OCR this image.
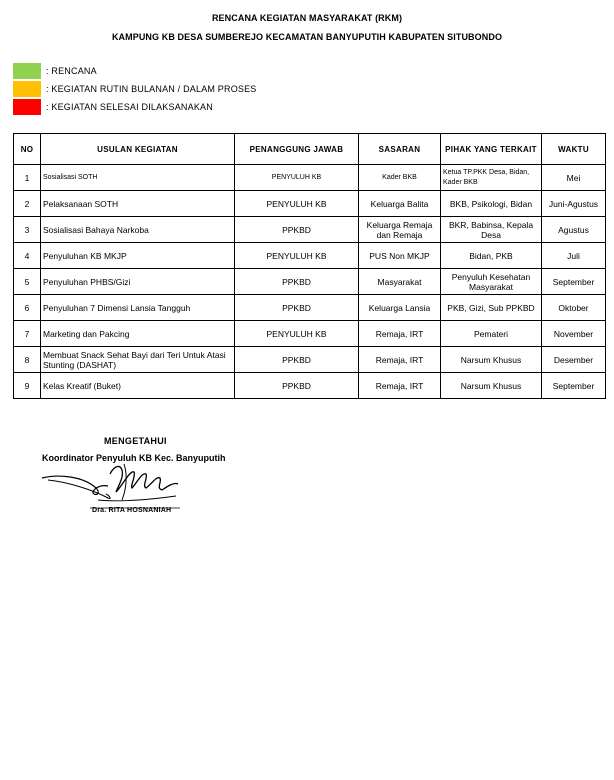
RENCANA KEGIATAN MASYARAKAT (RKM)
KAMPUNG KB DESA SUMBEREJO KECAMATAN BANYUPUTIH KABUPATEN SITUBONDO
: RENCANA
: KEGIATAN RUTIN BULANAN / DALAM PROSES
: KEGIATAN SELESAI DILAKSANAKAN
NO	USULAN KEGIATAN	PENANGGUNG JAWAB	SASARAN	PIHAK YANG TERKAIT	WAKTU
1	Sosialisasi SOTH	PENYULUH KB	Kader BKB	Ketua TP.PKK Desa, Bidan, Kader BKB	Mei
2	Pelaksanaan SOTH	PENYULUH KB	Keluarga Balita	BKB, Psikologi, Bidan	Juni-Agustus
3	Sosialisasi Bahaya Narkoba	PPKBD	Keluarga Remaja dan Remaja	BKR, Babinsa, Kepala Desa	Agustus
4	Penyuluhan KB MKJP	PENYULUH KB	PUS Non MKJP	Bidan, PKB	Juli
5	Penyuluhan PHBS/Gizi	PPKBD	Masyarakat	Penyuluh Kesehatan Masyarakat	September
6	Penyuluhan 7 Dimensi Lansia Tangguh	PPKBD	Keluarga Lansia	PKB, Gizi, Sub PPKBD	Oktober
7	Marketing dan Pakcing	PENYULUH KB	Remaja, IRT	Pemateri	November
8	Membuat Snack Sehat Bayi dari Teri Untuk Atasi Stunting (DASHAT)	PPKBD	Remaja, IRT	Narsum Khusus	Desember
9	Kelas Kreatif (Buket)	PPKBD	Remaja, IRT	Narsum Khusus	September
MENGETAHUI
Koordinator Penyuluh KB Kec. Banyuputih
Dra. RITA HOSNANIAH
